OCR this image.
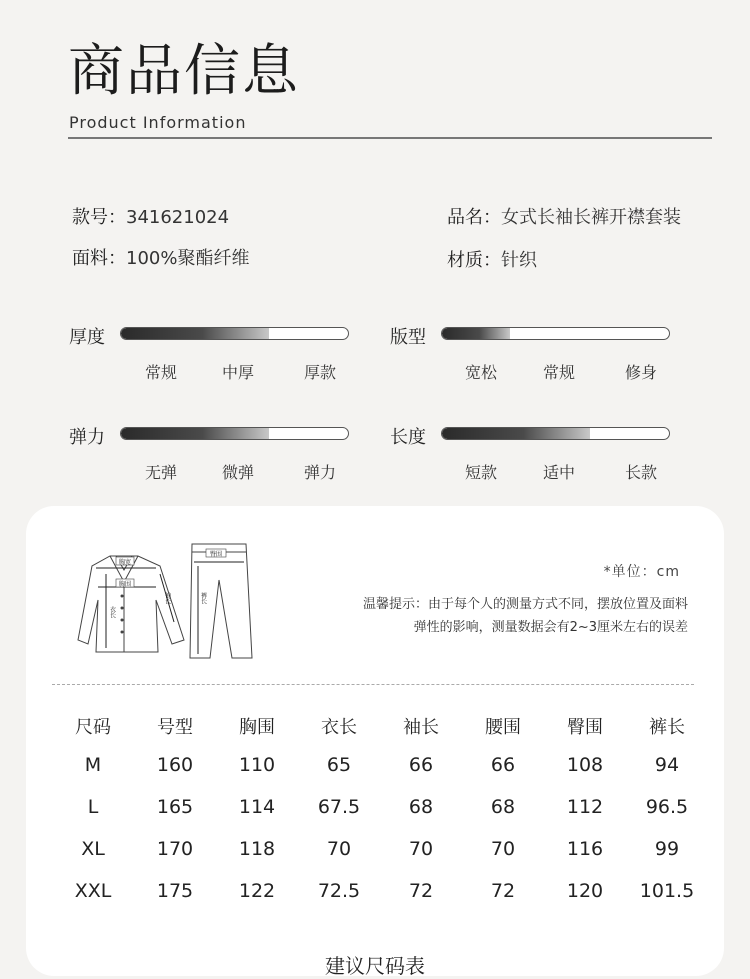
商品信息
Product Information
款号：341621024	品名：女式长袖长裤开襟套装
面料：100%聚酯纤维	材质：针织
厚度
常规	中厚	厚款
版型
宽松	常规	修身
弹力
无弹	微弹	弹力
长度
短款	适中	长款
胸宽
胸围
衣长
袖长
臀围
裤长
*单位：cm
温馨提示：由于每个人的测量方式不同，摆放位置及面料
弹性的影响，测量数据会有2~3厘米左右的误差
尺码	号型	胸围	衣长	袖长	腰围	臀围	裤长
M	160	110	65	66	66	108	94
L	165	114	67.5	68	68	112	96.5
XL	170	118	70	70	70	116	99
XXL	175	122	72.5	72	72	120	101.5
建议尺码表
